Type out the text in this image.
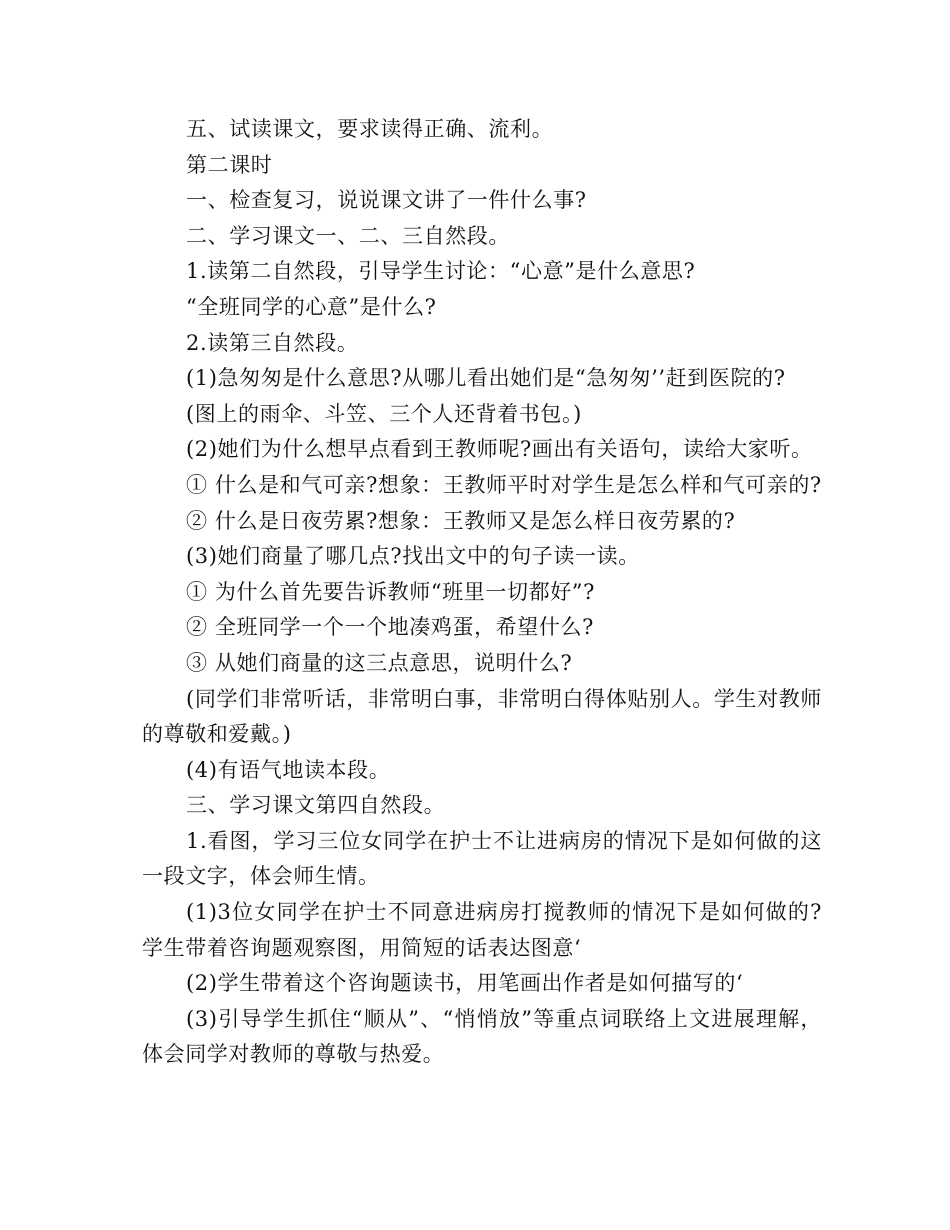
五、试读课文，要求读得正确、流利。

第二课时

一、检查复习，说说课文讲了一件什么事?

二、学习课文一、二、三自然段。

1.读第二自然段，引导学生讨论：“心意”是什么意思?

“全班同学的心意”是什么?

2.读第三自然段。

(1)急匆匆是什么意思?从哪儿看出她们是“急匆匆’’赶到医院的?

(图上的雨伞、斗笠、三个人还背着书包。)

(2)她们为什么想早点看到王教师呢?画出有关语句，读给大家听。

① 什么是和气可亲?想象：王教师平时对学生是怎么样和气可亲的?

② 什么是日夜劳累?想象：王教师又是怎么样日夜劳累的?

(3)她们商量了哪几点?找出文中的句子读一读。

① 为什么首先要告诉教师“班里一切都好”?

② 全班同学一个一个地凑鸡蛋，希望什么?

③ 从她们商量的这三点意思，说明什么?

(同学们非常听话，非常明白事，非常明白得体贴别人。学生对教师的尊敬和爱戴。)

(4)有语气地读本段。

三、学习课文第四自然段。

1.看图，学习三位女同学在护士不让进病房的情况下是如何做的这一段文字，体会师生情。

(1)3位女同学在护士不同意进病房打搅教师的情况下是如何做的?学生带着咨询题观察图，用简短的话表达图意‘

(2)学生带着这个咨询题读书，用笔画出作者是如何描写的‘

(3)引导学生抓住“顺从”、“悄悄放”等重点词联络上文进展理解，体会同学对教师的尊敬与热爱。
